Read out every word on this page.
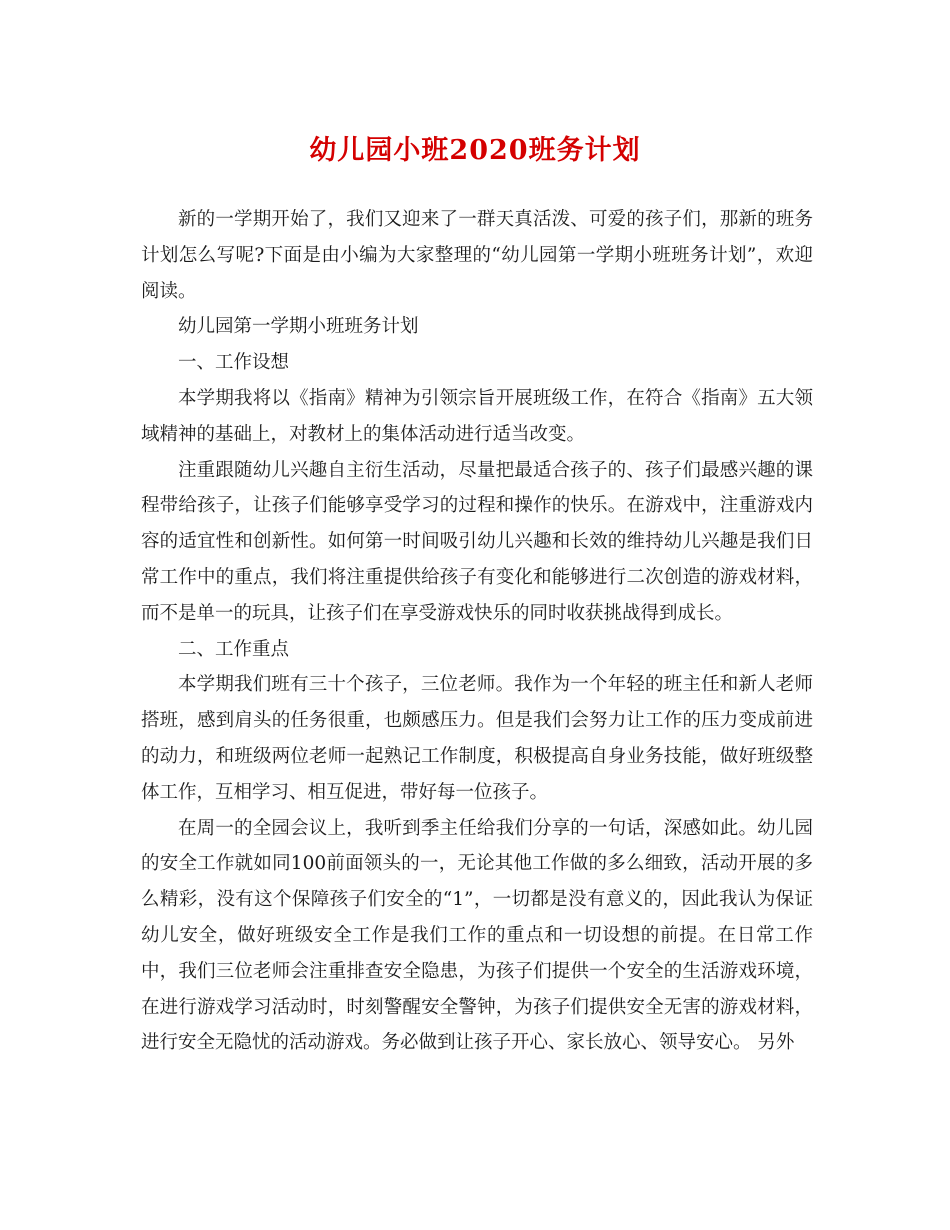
幼儿园小班2020班务计划

新的一学期开始了，我们又迎来了一群天真活泼、可爱的孩子们，那新的班务计划怎么写呢?下面是由小编为大家整理的“幼儿园第一学期小班班务计划”，欢迎阅读。

幼儿园第一学期小班班务计划

一、工作设想

本学期我将以《指南》精神为引领宗旨开展班级工作，在符合《指南》五大领域精神的基础上，对教材上的集体活动进行适当改变。

注重跟随幼儿兴趣自主衍生活动，尽量把最适合孩子的、孩子们最感兴趣的课程带给孩子，让孩子们能够享受学习的过程和操作的快乐。在游戏中，注重游戏内容的适宜性和创新性。如何第一时间吸引幼儿兴趣和长效的维持幼儿兴趣是我们日常工作中的重点，我们将注重提供给孩子有变化和能够进行二次创造的游戏材料，而不是单一的玩具，让孩子们在享受游戏快乐的同时收获挑战得到成长。

二、工作重点

本学期我们班有三十个孩子，三位老师。我作为一个年轻的班主任和新人老师搭班，感到肩头的任务很重，也颇感压力。但是我们会努力让工作的压力变成前进的动力，和班级两位老师一起熟记工作制度，积极提高自身业务技能，做好班级整体工作，互相学习、相互促进，带好每一位孩子。

在周一的全园会议上，我听到季主任给我们分享的一句话，深感如此。幼儿园的安全工作就如同100前面领头的一，无论其他工作做的多么细致，活动开展的多么精彩，没有这个保障孩子们安全的“1”，一切都是没有意义的，因此我认为保证幼儿安全，做好班级安全工作是我们工作的重点和一切设想的前提。在日常工作中，我们三位老师会注重排查安全隐患，为孩子们提供一个安全的生活游戏环境，在进行游戏学习活动时，时刻警醒安全警钟，为孩子们提供安全无害的游戏材料，进行安全无隐忧的活动游戏。务必做到让孩子开心、家长放心、领导安心。 另外
